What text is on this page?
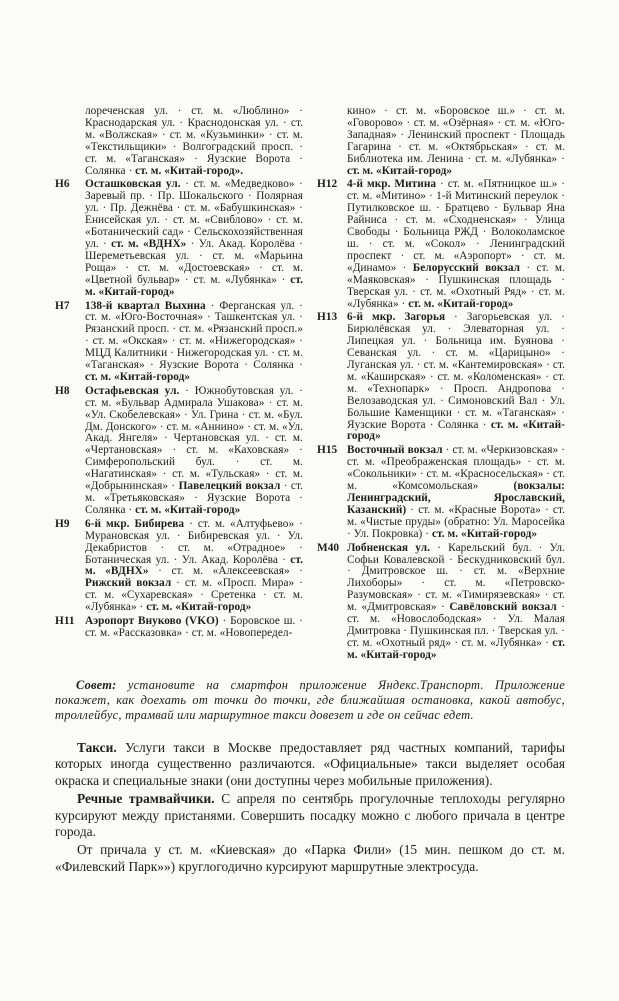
лореченская ул. · ст. м. «Люблино» · Краснодарская ул. · Краснодонская ул. · ст. м. «Волжская» · ст. м. «Кузьминки» · ст. м. «Текстильщики» · Волгоградский просп. · ст. м. «Таганская» · Яузские Ворота · Солянка · ст. м. «Китай-город».
Н6 Осташковская ул. · ст. м. «Медведково» · Заревый пр. · Пр. Шокальского · Полярная ул. · Пр. Дежнёва · ст. м. «Бабушкинская» · Енисейская ул. · ст. м. «Свиблово» · ст. м. «Ботанический сад» · Сельскохозяйственная ул. · ст. м. «ВДНХ» · Ул. Акад. Королёва · Шереметьевская ул. · ст. м. «Марьина Роща» · ст. м. «Достоевская» · ст. м. «Цветной бульвар» · ст. м. «Лубянка» · ст. м. «Китай-город»
Н7 138-й квартал Выхина · Ферганская ул. · ст. м. «Юго-Восточная» · Ташкентская ул. · Рязанский просп. · ст. м. «Рязанский просп.» · ст. м. «Окская» · ст. м. «Нижегородская» · МЦД Калитники · Нижегородская ул. · ст. м. «Таганская» · Яузские Ворота · Солянка · ст. м. «Китай-город»
Н8 Остафьевская ул. · Южнобутовская ул. · ст. м. «Бульвар Адмирала Ушакова» · ст. м. «Ул. Скобелевская» · Ул. Грина · ст. м. «Бул. Дм. Донского» · ст. м. «Аннино» · ст. м. «Ул. Акад. Янгеля» · Чертановская ул. · ст. м. «Чертановская» · ст. м. «Каховская» · Симферопольский бул. · ст. м. «Нагатинская» · ст. м. «Тульская» · ст. м. «Добрынинская» · Павелецкий вокзал · ст. м. «Третьяковская» · Яузские Ворота · Солянка · ст. м. «Китай-город»
Н9 6-й мкр. Бибирева · ст. м. «Алтуфьево» · Мурановская ул. · Бибиревская ул. · Ул. Декабристов · ст. м. «Отрадное» · Ботаническая ул. · Ул. Акад. Королёва · ст. м. «ВДНХ» · ст. м. «Алексеевская» · Рижский вокзал · ст. м. «Просп. Мира» · ст. м. «Сухаревская» · Сретенка · ст. м. «Лубянка» · ст. м. «Китай-город»
Н11 Аэропорт Внуково (VKO) · Боровское ш. · ст. м. «Рассказовка» · ст. м. «Новопередел-
кино» · ст. м. «Боровское ш.» · ст. м. «Говорово» · ст. м. «Озёрная» · ст. м. «Юго-Западная» · Ленинский проспект · Площадь Гагарина · ст. м. «Октябрьская» · ст. м. Библиотека им. Ленина · ст. м. «Лубянка» · ст. м. «Китай-город»
Н12 4-й мкр. Митина · ст. м. «Пятницкое ш.» · ст. м. «Митино» · 1-й Митинский переулок · Путилковское ш. · Братцево · Бульвар Яна Райниса · ст. м. «Сходненская» · Улица Свободы · Больница РЖД · Волоколамское ш. · ст. м. «Сокол» · Ленинградский проспект · ст. м. «Аэропорт» · ст. м. «Динамо» · Белорусский вокзал · ст. м. «Маяковская» · Пушкинская площадь · Тверская ул. · ст. м. «Охотный Ряд» · ст. м. «Лубянка» · ст. м. «Китай-город»
Н13 6-й мкр. Загорья · Загорьевская ул. · Бирюлёвская ул. · Элеваторная ул. · Липецкая ул. · Больница им. Буянова · Севанская ул. · ст. м. «Царицыно» · Луганская ул. · ст. м. «Кантемировская» · ст. м. «Каширская» · ст. м. «Коломенская» · ст. м. «Технопарк» · Просп. Андропова · Велозаводская ул. · Симоновский Вал · Ул. Большие Каменщики · ст. м. «Таганская» · Яузские Ворота · Солянка · ст. м. «Китай-город»
Н15 Восточный вокзал · ст. м. «Черкизовская» · ст. м. «Преображенская площадь» · ст. м. «Сокольники» · ст. м. «Красносельская» · ст. м. «Комсомольская» (вокзалы: Ленинградский, Ярославский, Казанский) · ст. м. «Красные Ворота» · ст. м. «Чистые пруды» (обратно: Ул. Маросейка · Ул. Покровка) · ст. м. «Китай-город»
М40 Лобненская ул. · Карельский бул. · Ул. Софьи Ковалевской · Бескудниковский бул. · Дмитровское ш. · ст. м. «Верхние Лихоборы» · ст. м. «Петровско-Разумовская» · ст. м. «Тимирязевская» · ст. м. «Дмитровская» · Савёловский вокзал · ст. м. «Новослободская» · Ул. Малая Дмитровка · Пушкинская пл. · Тверская ул. · ст. м. «Охотный ряд» · ст. м. «Лубянка» · ст. м. «Китай-город»

Совет: установите на смартфон приложение Яндекс.Транспорт. Приложение покажет, как доехать от точки до точки, где ближайшая остановка, какой автобус, троллейбус, трамвай или маршрутное такси довезет и где он сейчас едет.

Такси. Услуги такси в Москве предоставляет ряд частных компаний, тарифы которых иногда существенно различаются. «Официальные» такси выделяет особая окраска и специальные знаки (они доступны через мобильные приложения).

Речные трамвайчики. С апреля по сентябрь прогулочные теплоходы регулярно курсируют между пристанями. Совершить посадку можно с любого причала в центре города.

От причала у ст. м. «Киевская» до «Парка Фили» (15 мин. пешком до ст. м. «Филевский Парк»») круглогодично курсируют маршрутные электросуда.
